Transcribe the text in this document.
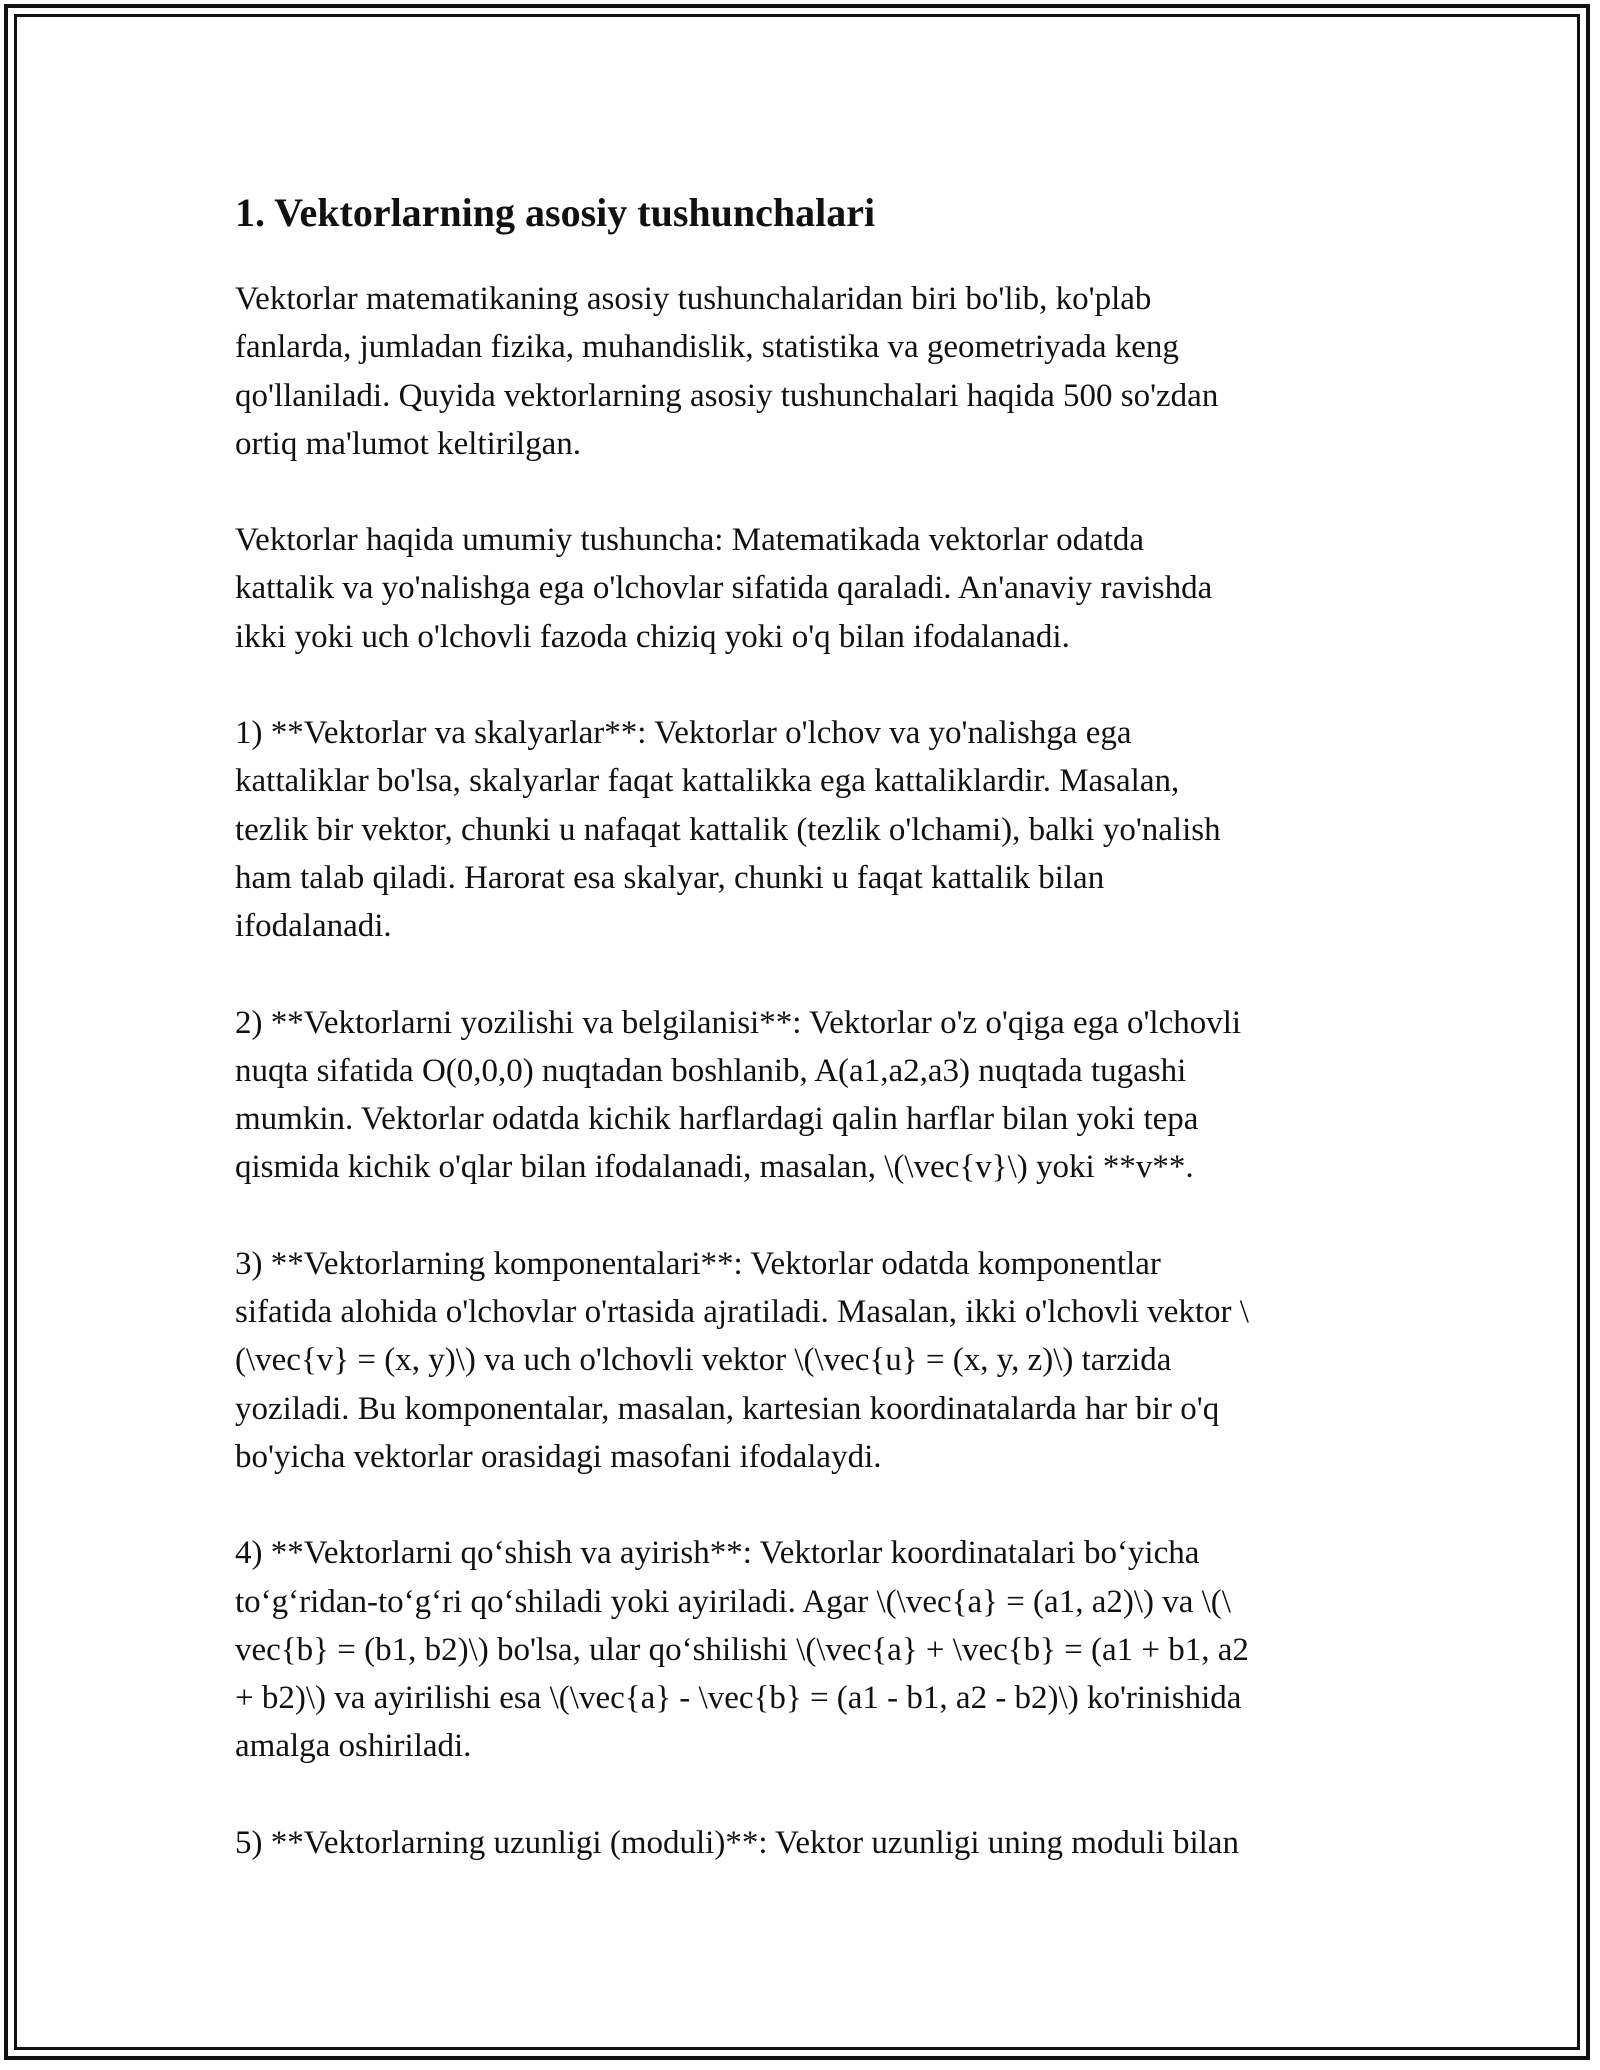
1. Vektorlarning asosiy tushunchalari

Vektorlar matematikaning asosiy tushunchalaridan biri bo'lib, ko'plab
fanlarda, jumladan fizika, muhandislik, statistika va geometriyada keng
qo'llaniladi. Quyida vektorlarning asosiy tushunchalari haqida 500 so'zdan
ortiq ma'lumot keltirilgan.

Vektorlar haqida umumiy tushuncha: Matematikada vektorlar odatda
kattalik va yo'nalishga ega o'lchovlar sifatida qaraladi. An'anaviy ravishda
ikki yoki uch o'lchovli fazoda chiziq yoki o'q bilan ifodalanadi.

1) **Vektorlar va skalyarlar**: Vektorlar o'lchov va yo'nalishga ega
kattaliklar bo'lsa, skalyarlar faqat kattalikka ega kattaliklardir. Masalan,
tezlik bir vektor, chunki u nafaqat kattalik (tezlik o'lchami), balki yo'nalish
ham talab qiladi. Harorat esa skalyar, chunki u faqat kattalik bilan
ifodalanadi.

2) **Vektorlarni yozilishi va belgilanisi**: Vektorlar o'z o'qiga ega o'lchovli
nuqta sifatida O(0,0,0) nuqtadan boshlanib, A(a1,a2,a3) nuqtada tugashi
mumkin. Vektorlar odatda kichik harflardagi qalin harflar bilan yoki tepa
qismida kichik o'qlar bilan ifodalanadi, masalan, \(\vec{v}\) yoki **v**.

3) **Vektorlarning komponentalari**: Vektorlar odatda komponentlar
sifatida alohida o'lchovlar o'rtasida ajratiladi. Masalan, ikki o'lchovli vektor \
(\vec{v} = (x, y)\) va uch o'lchovli vektor \(\vec{u} = (x, y, z)\) tarzida
yoziladi. Bu komponentalar, masalan, kartesian koordinatalarda har bir o'q
bo'yicha vektorlar orasidagi masofani ifodalaydi.

4) **Vektorlarni qo‘shish va ayirish**: Vektorlar koordinatalari bo‘yicha
to‘g‘ridan-to‘g‘ri qo‘shiladi yoki ayiriladi. Agar \(\vec{a} = (a1, a2)\) va \(\
vec{b} = (b1, b2)\) bo'lsa, ular qo‘shilishi \(\vec{a} + \vec{b} = (a1 + b1, a2
+ b2)\) va ayirilishi esa \(\vec{a} - \vec{b} = (a1 - b1, a2 - b2)\) ko'rinishida
amalga oshiriladi.

5) **Vektorlarning uzunligi (moduli)**: Vektor uzunligi uning moduli bilan
